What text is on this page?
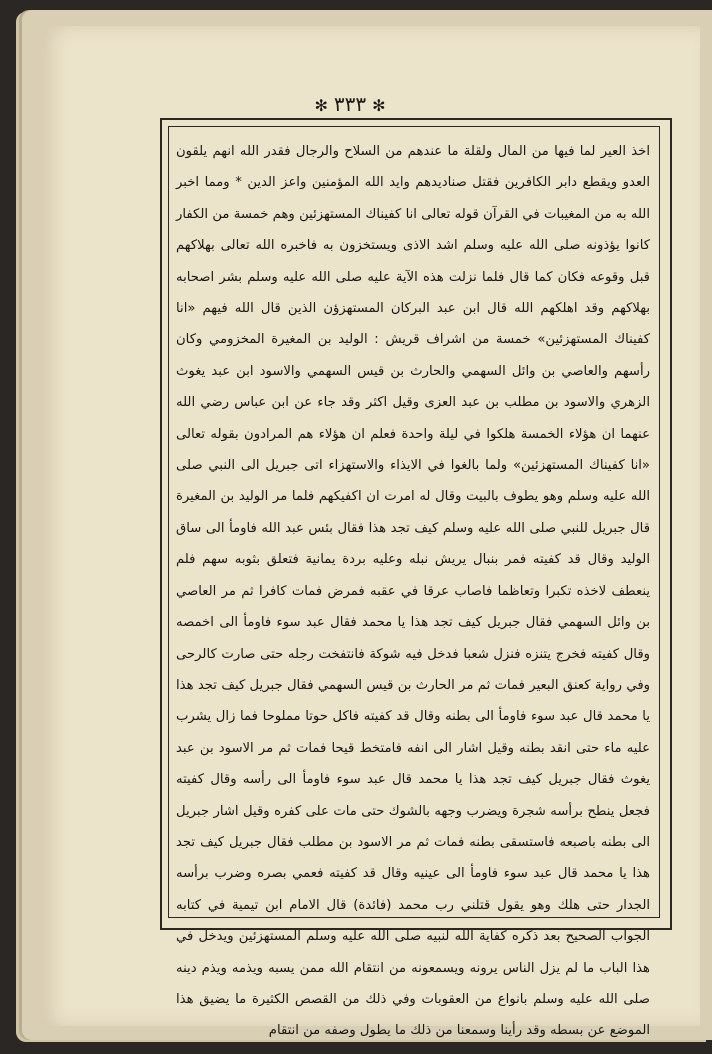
✻ ٣٣٣ ✻

اخذ العير لما فيها من المال ولقلة ما عندهم من السلاح والرجال فقدر الله انهم يلقون العدو ويقطع دابر الكافرين فقتل صناديدهم وايد الله المؤمنين واعز الدين * ومما اخبر الله به من المغيبات في القرآن قوله تعالى انا كفيناك المستهزئين وهم خمسة من الكفار كانوا يؤذونه صلى الله عليه وسلم اشد الاذى ويستخزون به فاخبره الله تعالى بهلاكهم قبل وقوعه فكان كما قال فلما نزلت هذه الآية عليه صلى الله عليه وسلم بشر اصحابه بهلاكهم وقد اهلكهم الله قال ابن عبد البركان المستهزؤن الذين قال الله فيهم «انا كفيناك المستهزئين» خمسة من اشراف قريش : الوليد بن المغيرة المخزومي وكان رأسهم والعاصي بن وائل السهمي والحارث بن قيس السهمي والاسود ابن عبد يغوث الزهري والاسود بن مطلب بن عبد العزى وقيل اكثر وقد جاء عن ابن عباس رضي الله عنهما ان هؤلاء الخمسة هلكوا في ليلة واحدة فعلم ان هؤلاء هم المرادون بقوله تعالى «انا كفيناك المستهزئين» ولما بالغوا في الايذاء والاستهزاء اتى جبريل الى النبي صلى الله عليه وسلم وهو يطوف بالبيت وقال له امرت ان اكفيكهم فلما مر الوليد بن المغيرة قال جبريل للنبي صلى الله عليه وسلم كيف تجد هذا فقال بئس عبد الله فاومأ الى ساق الوليد وقال قد كفيته فمر بنبال يريش نبله وعليه بردة يمانية فتعلق بثوبه سهم فلم ينعطف لاخذه تكبرا وتعاظما فاصاب عرقا في عقبه فمرض فمات كافرا ثم مر العاصي بن وائل السهمي فقال جبريل كيف تجد هذا يا محمد فقال عبد سوء فاومأ الى اخمصه وقال كفيته فخرج يتنزه فنزل شعبا فدخل فيه شوكة فانتفخت رجله حتى صارت كالرحى وفي رواية كعنق البعير فمات ثم مر الحارث بن قيس السهمي فقال جبريل كيف تجد هذا يا محمد قال عبد سوء فاومأ الى بطنه وقال قد كفيته فاكل حوتا مملوحا فما زال يشرب عليه ماء حتى انقد بطنه وقيل اشار الى انفه فامتخط قيحا فمات ثم مر الاسود بن عبد يغوث فقال جبريل كيف تجد هذا يا محمد قال عبد سوء فاومأ الى رأسه وقال كفيته فجعل ينطح برأسه شجرة ويضرب وجهه بالشوك حتى مات على كفره وقيل اشار جبريل الى بطنه باصبعه فاستسقى بطنه فمات ثم مر الاسود بن مطلب فقال جبريل كيف تجد هذا يا محمد قال عبد سوء فاومأ الى عينيه وقال قد كفيته فعمي بصره وضرب برأسه الجدار حتى هلك وهو يقول قتلني رب محمد (فائدة) قال الامام ابن تيمية في كتابه الجواب الصحيح بعد ذكره كفاية الله لنبيه صلى الله عليه وسلم المستهزئين ويدخل في هذا الباب ما لم يزل الناس يرونه ويسمعونه من انتقام الله ممن يسبه ويذمه ويذم دينه صلى الله عليه وسلم بانواع من العقوبات وفي ذلك من القصص الكثيرة ما يضيق هذا الموضع عن بسطه وقد رأينا وسمعنا من ذلك ما يطول وصفه من انتقام
